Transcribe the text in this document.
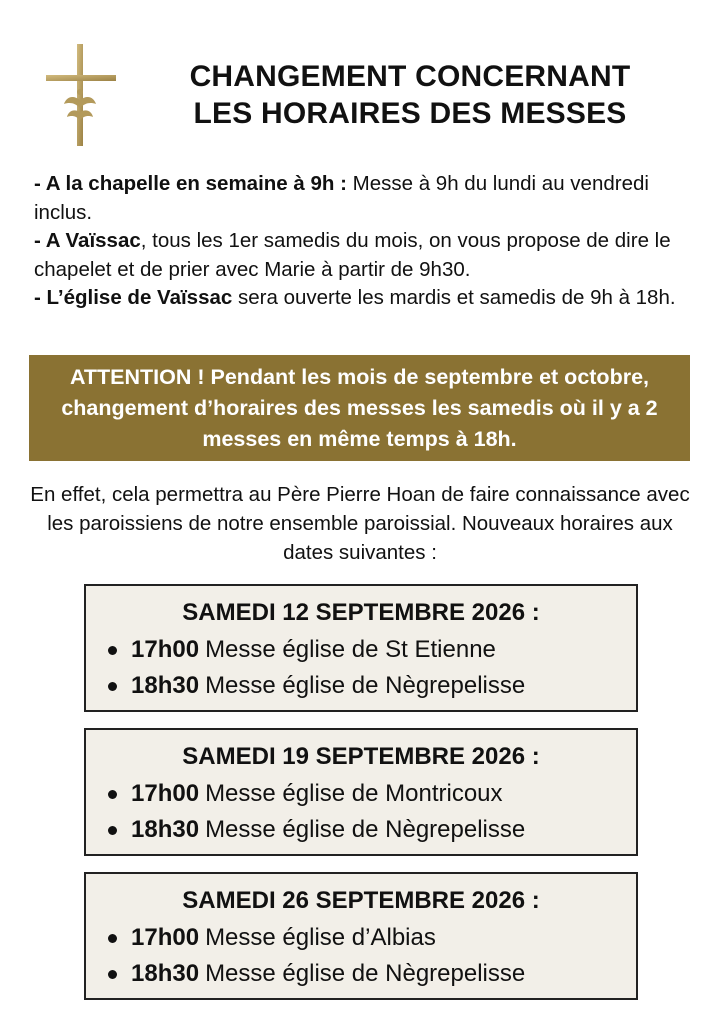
CHANGEMENT CONCERNANT
LES HORAIRES DES MESSES

- A la chapelle en semaine à 9h : Messe à 9h du lundi au vendredi inclus.

- A Vaïssac, tous les 1er samedis du mois, on vous propose de dire le chapelet et de prier avec Marie à partir de 9h30.

- L’église de Vaïssac sera ouverte les mardis et samedis de 9h à 18h.

ATTENTION ! Pendant les mois de septembre et octobre, changement d’horaires des messes les samedis où il y a 2 messes en même temps à 18h.
En effet, cela permettra au Père Pierre Hoan de faire connaissance avec les paroissiens de notre ensemble paroissial. Nouveaux horaires aux dates suivantes :
SAMEDI 12 SEPTEMBRE 2026 :
17h00 Messe église de St Etienne
18h30 Messe église de Nègrepelisse
SAMEDI 19 SEPTEMBRE 2026 :
17h00 Messe église de Montricoux
18h30 Messe église de Nègrepelisse
SAMEDI 26 SEPTEMBRE 2026 :
17h00 Messe église d’Albias
18h30 Messe église de Nègrepelisse
